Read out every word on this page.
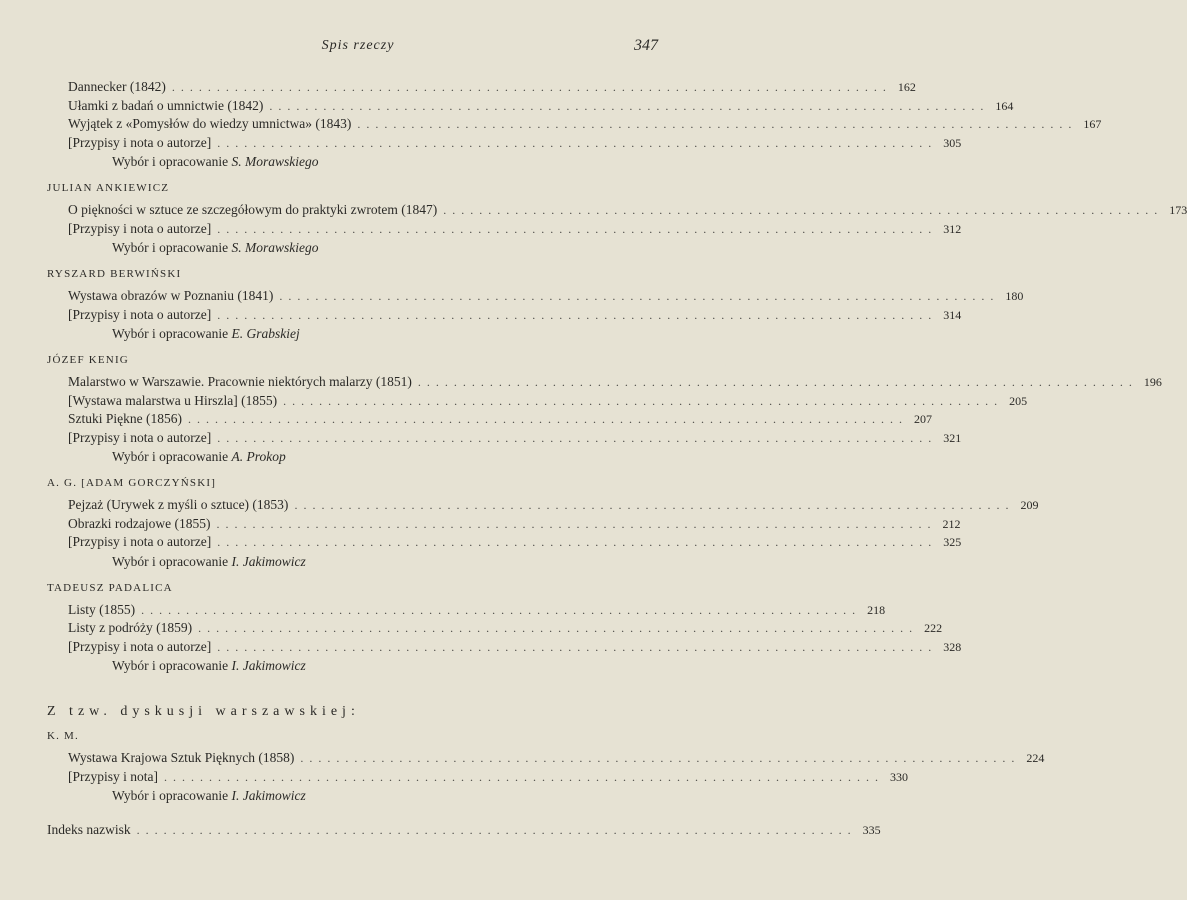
Spis rzeczy	347
Dannecker (1842) ................................................................................ 162
Ułamki z badań o umnictwie (1842) ................................................................................ 164
Wyjątek z «Pomysłów do wiedzy umnictwa» (1843) ................................................................................ 167
[Przypisy i nota o autorze] ................................................................................ 305
Wybór i opracowanie S. Morawskiego
JULIAN ANKIEWICZ
O piękności w sztuce ze szczegółowym do praktyki zwrotem (1847) ................................................................................ 173
[Przypisy i nota o autorze] ................................................................................ 312
Wybór i opracowanie S. Morawskiego
RYSZARD BERWIŃSKI
Wystawa obrazów w Poznaniu (1841) ................................................................................ 180
[Przypisy i nota o autorze] ................................................................................ 314
Wybór i opracowanie E. Grabskiej
JÓZEF KENIG
Malarstwo w Warszawie. Pracownie niektórych malarzy (1851) ................................................................................ 196
[Wystawa malarstwa u Hirszla] (1855) ................................................................................ 205
Sztuki Piękne (1856) ................................................................................ 207
[Przypisy i nota o autorze] ................................................................................ 321
Wybór i opracowanie A. Prokop
A. G. [ADAM GORCZYŃSKI]
Pejzaż (Urywek z myśli o sztuce) (1853) ................................................................................ 209
Obrazki rodzajowe (1855) ................................................................................ 212
[Przypisy i nota o autorze] ................................................................................ 325
Wybór i opracowanie I. Jakimowicz
TADEUSZ PADALICA
Listy (1855) ................................................................................ 218
Listy z podróży (1859) ................................................................................ 222
[Przypisy i nota o autorze] ................................................................................ 328
Wybór i opracowanie I. Jakimowicz
Z tzw. dyskusji warszawskiej:
K. M.
Wystawa Krajowa Sztuk Pięknych (1858) ................................................................................ 224
[Przypisy i nota] ................................................................................ 330
Wybór i opracowanie I. Jakimowicz
Indeks nazwisk ................................................................................ 335
